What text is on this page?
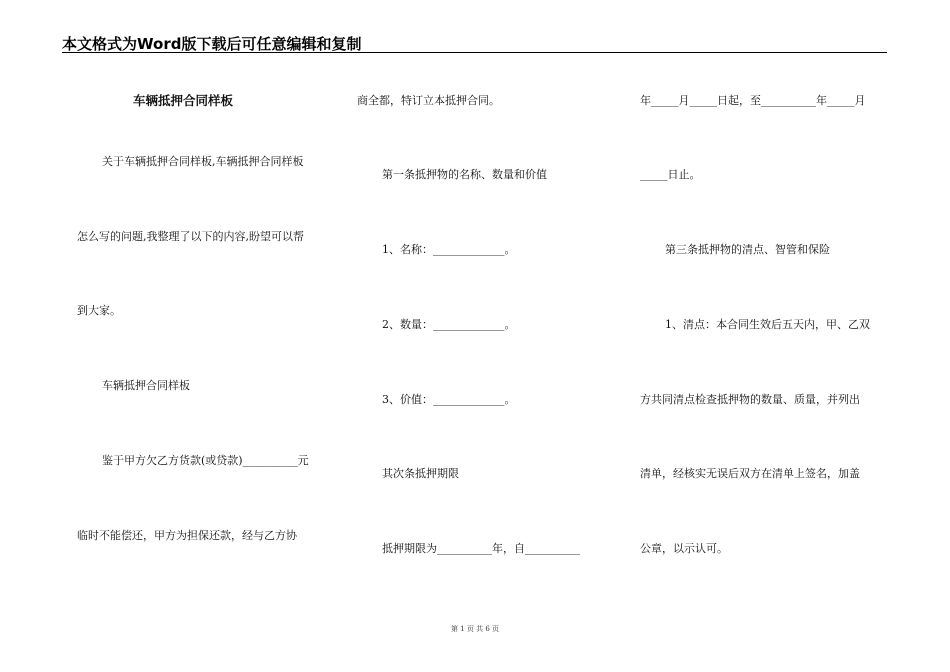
本文格式为Word版下载后可任意编辑和复制
车辆抵押合同样板
关于车辆抵押合同样板,车辆抵押合同样板
怎么写的问题,我整理了以下的内容,盼望可以帮
到大家。
车辆抵押合同样板
鉴于甲方欠乙方货款(或贷款)__________元
临时不能偿还，甲方为担保还款，经与乙方协
商全都，特订立本抵押合同。
第一条抵押物的名称、数量和价值
1、名称：_____________。
2、数量：_____________。
3、价值：_____________。
其次条抵押期限
抵押期限为__________年，自__________
年_____月_____日起，至__________年_____月
_____日止。
第三条抵押物的清点、智管和保险
1、清点：本合同生效后五天内，甲、乙双
方共同清点检查抵押物的数量、质量，并列出
清单，经核实无误后双方在清单上签名，加盖
公章，以示认可。
第 1 页 共 6 页
